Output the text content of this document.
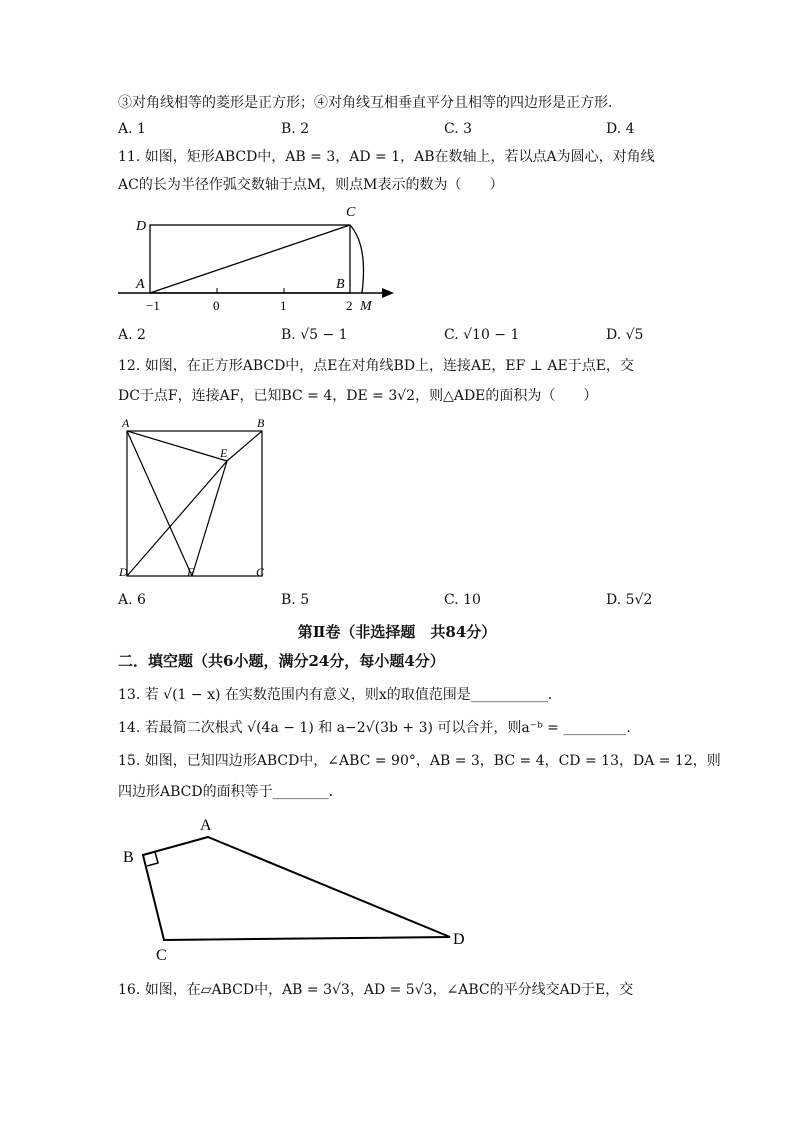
③对角线相等的菱形是正方形；④对角线互相垂直平分且相等的四边形是正方形．
A. 1	B. 2	C. 3	D. 4
11. 如图，矩形ABCD中，AB = 3，AD = 1，AB在数轴上，若以点A为圆心，对角线
AC的长为半径作弧交数轴于点M，则点M表示的数为（　　）
D
C
A	B
−1	0	1	2 M
A. 2	B. √5 − 1	C. √10 − 1	D. √5
12. 如图，在正方形ABCD中，点E在对角线BD上，连接AE，EF ⊥ AE于点E，交
DC于点F，连接AF，已知BC = 4，DE = 3√2，则△ADE的面积为（　　）
A	B
E
D	F	C
A. 6	B. 5	C. 10	D. 5√2
第Ⅱ卷（非选择题　共84分）
二．填空题（共6小题，满分24分，每小题4分）
13. 若 √(1 − x) 在实数范围内有意义，则x的取值范围是___________．
14. 若最简二次根式 √(4a − 1) 和 a−2√(3b + 3) 可以合并，则a⁻ᵇ = _________．
15. 如图，已知四边形ABCD中，∠ABC = 90°，AB = 3，BC = 4，CD = 13，DA = 12，则
四边形ABCD的面积等于________．
A
B
C
D
16. 如图，在▱ABCD中，AB = 3√3，AD = 5√3，∠ABC的平分线交AD于E，交
